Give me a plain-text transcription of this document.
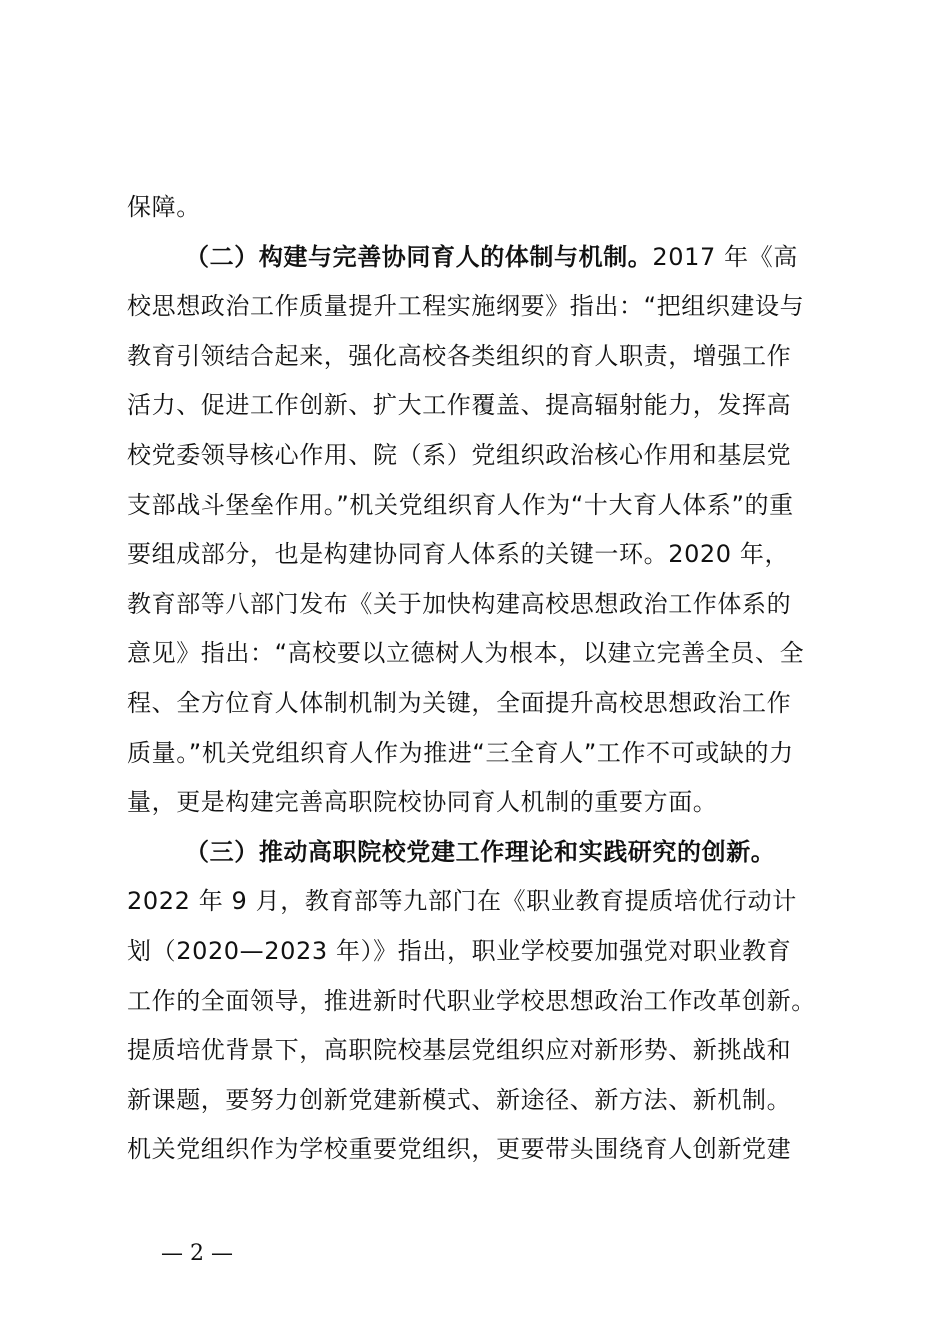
保障。
（二）构建与完善协同育人的体制与机制。2017 年《高
校思想政治工作质量提升工程实施纲要》指出：“把组织建设与
教育引领结合起来，强化高校各类组织的育人职责，增强工作
活力、促进工作创新、扩大工作覆盖、提高辐射能力，发挥高
校党委领导核心作用、院（系）党组织政治核心作用和基层党
支部战斗堡垒作用。”机关党组织育人作为“十大育人体系”的重
要组成部分，也是构建协同育人体系的关键一环。2020 年，
教育部等八部门发布《关于加快构建高校思想政治工作体系的
意见》指出：“高校要以立德树人为根本，以建立完善全员、全
程、全方位育人体制机制为关键，全面提升高校思想政治工作
质量。”机关党组织育人作为推进“三全育人”工作不可或缺的力
量，更是构建完善高职院校协同育人机制的重要方面。
（三）推动高职院校党建工作理论和实践研究的创新。
2022 年 9 月，教育部等九部门在《职业教育提质培优行动计
划（2020—2023 年）》指出，职业学校要加强党对职业教育
工作的全面领导，推进新时代职业学校思想政治工作改革创新。
提质培优背景下，高职院校基层党组织应对新形势、新挑战和
新课题，要努力创新党建新模式、新途径、新方法、新机制。
机关党组织作为学校重要党组织，更要带头围绕育人创新党建
— 2 —
